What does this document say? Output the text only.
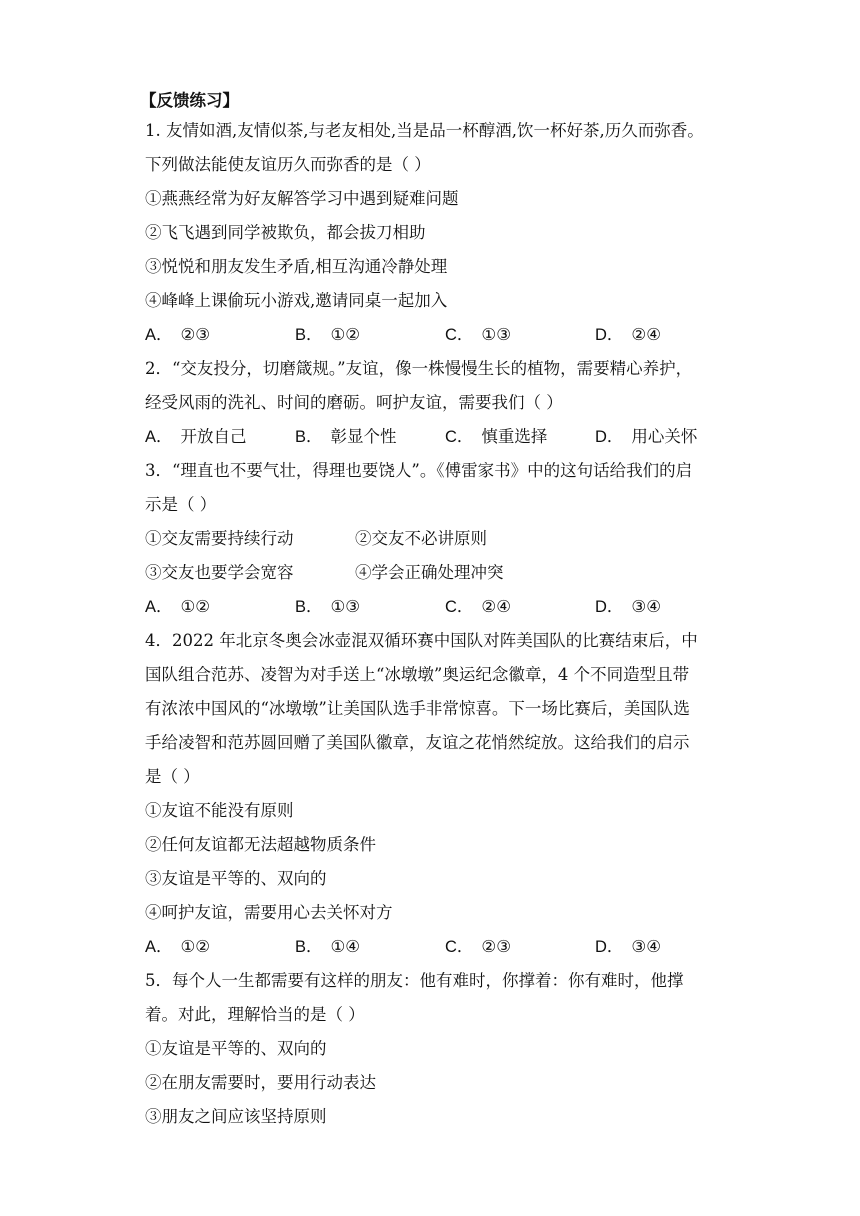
【反馈练习】
1. 友情如酒,友情似茶,与老友相处,当是品一杯醇酒,饮一杯好茶,历久而弥香。
下列做法能使友谊历久而弥香的是（ ）
①燕燕经常为好友解答学习中遇到疑难问题
②飞飞遇到同学被欺负，都会拔刀相助
③悦悦和朋友发生矛盾,相互沟通冷静处理
④峰峰上课偷玩小游戏,邀请同桌一起加入
A． ②③	B． ①②	C． ①③	D． ②④
2．“交友投分，切磨箴规。”友谊，像一株慢慢生长的植物，需要精心养护，
经受风雨的洗礼、时间的磨砺。呵护友谊，需要我们（ ）
A． 开放自己	B． 彰显个性	C． 慎重选择	D． 用心关怀
3．“理直也不要气壮，得理也要饶人”。《傅雷家书》中的这句话给我们的启
示是（ ）
①交友需要持续行动	②交友不必讲原则
③交友也要学会宽容	④学会正确处理冲突
A． ①②	B． ①③	C． ②④	D． ③④
4．2022 年北京冬奥会冰壶混双循环赛中国队对阵美国队的比赛结束后，中
国队组合范苏、凌智为对手送上“冰墩墩”奥运纪念徽章，4 个不同造型且带
有浓浓中国风的“冰墩墩”让美国队选手非常惊喜。下一场比赛后，美国队选
手给凌智和范苏圆回赠了美国队徽章，友谊之花悄然绽放。这给我们的启示
是（ ）
①友谊不能没有原则
②任何友谊都无法超越物质条件
③友谊是平等的、双向的
④呵护友谊，需要用心去关怀对方
A． ①②	B． ①④	C． ②③	D． ③④
5．每个人一生都需要有这样的朋友：他有难时，你撑着：你有难时，他撑
着。对此，理解恰当的是（ ）
①友谊是平等的、双向的
②在朋友需要时，要用行动表达
③朋友之间应该坚持原则
